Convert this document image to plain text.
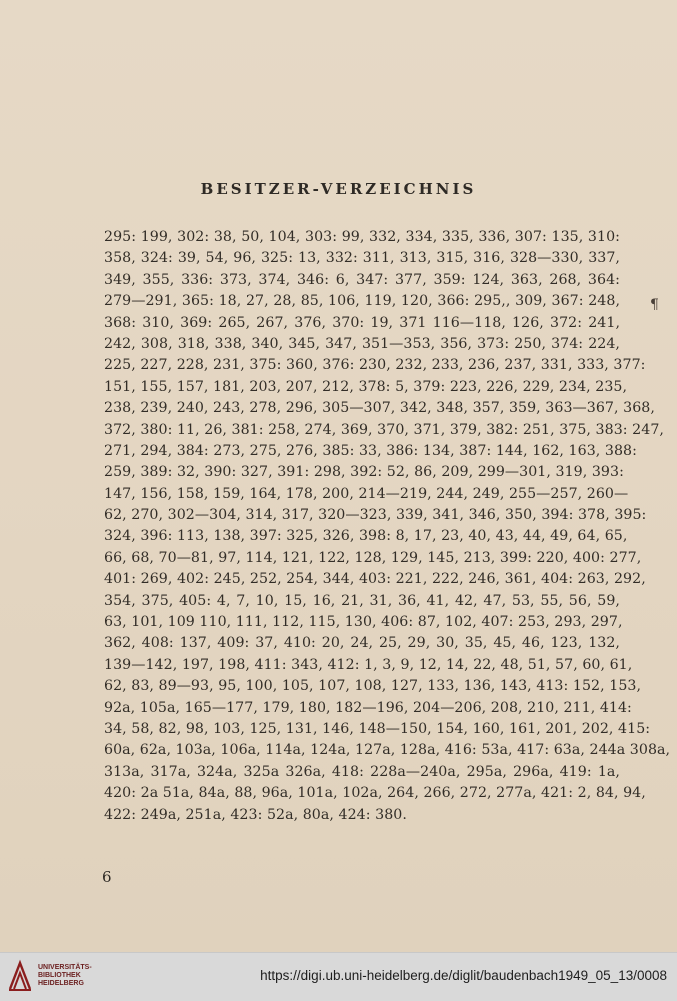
BESITZER-VERZEICHNIS
295: 199, 302: 38, 50, 104, 303: 99, 332, 334, 335, 336, 307: 135, 310:
358, 324: 39, 54, 96, 325: 13, 332: 311, 313, 315, 316, 328—330, 337,
349, 355, 336: 373, 374, 346: 6, 347: 377, 359: 124, 363, 268, 364:
279—291, 365: 18, 27, 28, 85, 106, 119, 120, 366: 295,, 309, 367: 248,
368: 310, 369: 265, 267, 376, 370: 19, 371 116—118, 126, 372: 241,
242, 308, 318, 338, 340, 345, 347, 351—353, 356, 373: 250, 374: 224,
225, 227, 228, 231, 375: 360, 376: 230, 232, 233, 236, 237, 331, 333, 377:
151, 155, 157, 181, 203, 207, 212, 378: 5, 379: 223, 226, 229, 234, 235,
238, 239, 240, 243, 278, 296, 305—307, 342, 348, 357, 359, 363—367, 368,
372, 380: 11, 26, 381: 258, 274, 369, 370, 371, 379, 382: 251, 375, 383: 247,
271, 294, 384: 273, 275, 276, 385: 33, 386: 134, 387: 144, 162, 163, 388:
259, 389: 32, 390: 327, 391: 298, 392: 52, 86, 209, 299—301, 319, 393:
147, 156, 158, 159, 164, 178, 200, 214—219, 244, 249, 255—257, 260—
62, 270, 302—304, 314, 317, 320—323, 339, 341, 346, 350, 394: 378, 395:
324, 396: 113, 138, 397: 325, 326, 398: 8, 17, 23, 40, 43, 44, 49, 64, 65,
66, 68, 70—81, 97, 114, 121, 122, 128, 129, 145, 213, 399: 220, 400: 277,
401: 269, 402: 245, 252, 254, 344, 403: 221, 222, 246, 361, 404: 263, 292,
354, 375, 405: 4, 7, 10, 15, 16, 21, 31, 36, 41, 42, 47, 53, 55, 56, 59,
63, 101, 109 110, 111, 112, 115, 130, 406: 87, 102, 407: 253, 293, 297,
362, 408: 137, 409: 37, 410: 20, 24, 25, 29, 30, 35, 45, 46, 123, 132,
139—142, 197, 198, 411: 343, 412: 1, 3, 9, 12, 14, 22, 48, 51, 57, 60, 61,
62, 83, 89—93, 95, 100, 105, 107, 108, 127, 133, 136, 143, 413: 152, 153,
92a, 105a, 165—177, 179, 180, 182—196, 204—206, 208, 210, 211, 414:
34, 58, 82, 98, 103, 125, 131, 146, 148—150, 154, 160, 161, 201, 202, 415:
60a, 62a, 103a, 106a, 114a, 124a, 127a, 128a, 416: 53a, 417: 63a, 244a 308a,
313a, 317a, 324a, 325a 326a, 418: 228a—240a, 295a, 296a, 419: 1a,
420: 2a 51a, 84a, 88, 96a, 101a, 102a, 264, 266, 272, 277a, 421: 2, 84, 94,
422: 249a, 251a, 423: 52a, 80a, 424: 380.
¶
6
UNIVERSITÄTS-
BIBLIOTHEK
HEIDELBERG
https://digi.ub.uni-heidelberg.de/diglit/baudenbach1949_05_13/0008
